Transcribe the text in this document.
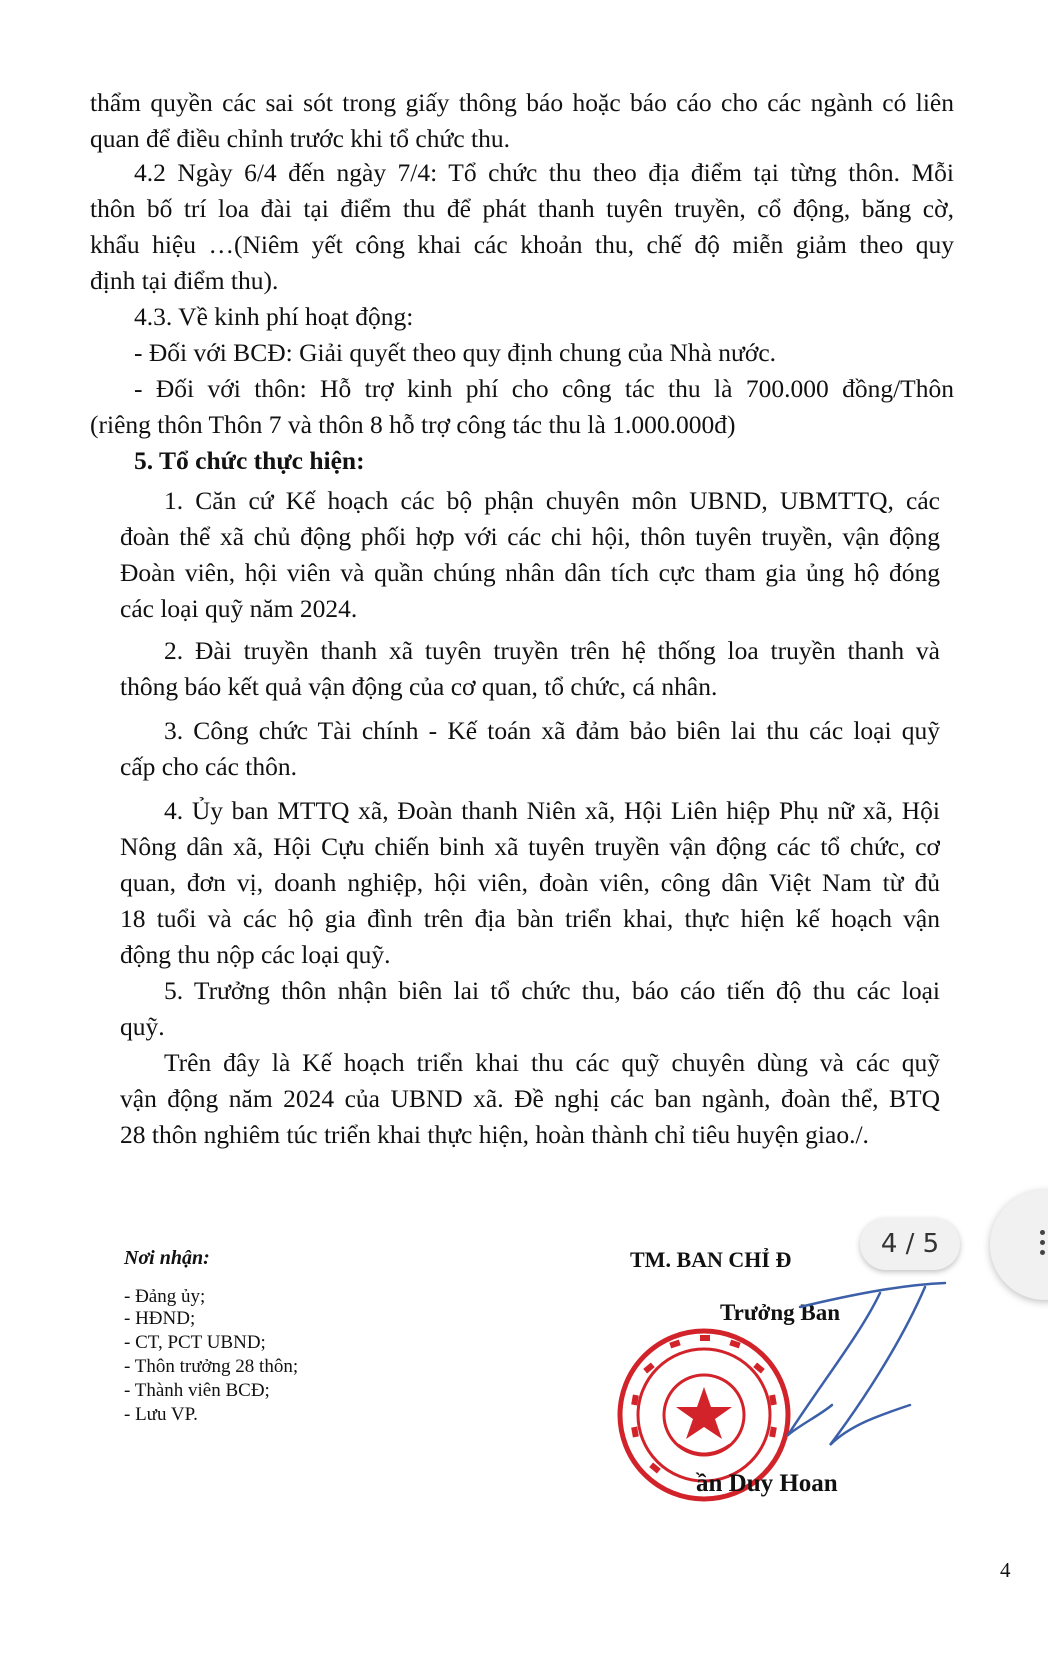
thẩm quyền các sai sót trong giấy thông báo hoặc báo cáo cho các ngành có liên
quan để điều chỉnh trước khi tổ chức thu.
4.2 Ngày 6/4 đến ngày 7/4: Tổ chức thu theo địa điểm tại từng thôn. Mỗi
thôn bố trí loa đài tại điểm thu để phát thanh tuyên truyền, cổ động, băng cờ,
khẩu hiệu …(Niêm yết công khai các khoản thu, chế độ miễn giảm theo quy
định tại điểm thu).
4.3. Về kinh phí hoạt động:
- Đối với BCĐ: Giải quyết theo quy định chung của Nhà nước.
- Đối với thôn: Hỗ trợ kinh phí cho công tác thu là 700.000 đồng/Thôn
(riêng thôn Thôn 7 và thôn 8 hỗ trợ công tác thu là 1.000.000đ)
5. Tổ chức thực hiện:
1. Căn cứ Kế hoạch các bộ phận chuyên môn UBND, UBMTTQ, các
đoàn thể xã chủ động phối hợp với các chi hội, thôn tuyên truyền, vận động
Đoàn viên, hội viên và quần chúng nhân dân tích cực tham gia ủng hộ đóng
các loại quỹ năm 2024.
2. Đài truyền thanh xã tuyên truyền trên hệ thống loa truyền thanh và
thông báo kết quả vận động của cơ quan, tổ chức, cá nhân.
3. Công chức Tài chính - Kế toán xã đảm bảo biên lai thu các loại quỹ
cấp cho các thôn.
4. Ủy ban MTTQ xã, Đoàn thanh Niên xã, Hội Liên hiệp Phụ nữ xã, Hội
Nông dân xã, Hội Cựu chiến binh xã tuyên truyền vận động các tổ chức, cơ
quan, đơn vị, doanh nghiệp, hội viên, đoàn viên, công dân Việt Nam từ đủ
18 tuổi và các hộ gia đình trên địa bàn triển khai, thực hiện kế hoạch vận
động thu nộp các loại quỹ.
5. Trưởng thôn nhận biên lai tổ chức thu, báo cáo tiến độ thu các loại
quỹ.
Trên đây là Kế hoạch triển khai thu các quỹ chuyên dùng và các quỹ
vận động năm 2024 của UBND xã. Đề nghị các ban ngành, đoàn thể, BTQ
28 thôn nghiêm túc triển khai thực hiện, hoàn thành chỉ tiêu huyện giao./.
Nơi nhận:
- Đảng ủy;
- HĐND;
- CT, PCT UBND;
- Thôn trưởng 28 thôn;
- Thành viên BCĐ;
- Lưu VP.
TM. BAN CHỈ Đ
Trưởng Ban
ần Duy Hoan
4
4 / 5
